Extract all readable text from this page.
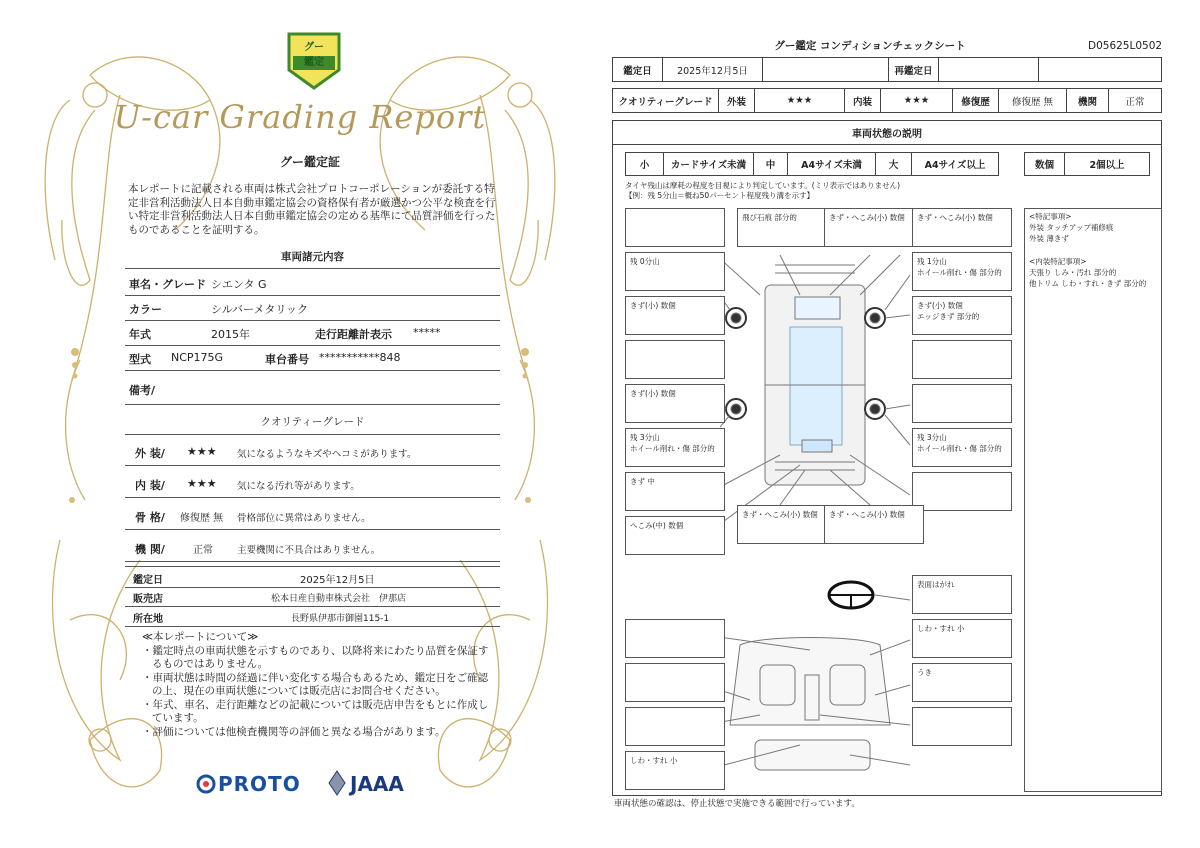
グー
鑑定
U-car Grading Report
グー鑑定証
本レポートに記載される車両は株式会社プロトコーポレーションが委託する特定非営利活動法人日本自動車鑑定協会の資格保有者が厳選かつ公平な検査を行い特定非営利活動法人日本自動車鑑定協会の定める基準にて品質評価を行ったものであることを証明する。
車両諸元内容
車名・グレード シエンタ G
カラー	シルバーメタリック
年式	2015年	走行距離計表示 *****
型式 NCP175G	車台番号 ***********848
備考/
クオリティーグレード
外 装/ ★★★ 気になるようなキズやヘコミがあります。
内 装/ ★★★ 気になる汚れ等があります。
骨 格/ 修復歴 無 骨格部位に異常はありません。
機 関/	正常	主要機関に不具合はありません。
鑑定日	2025年12月5日
販売店	松本日産自動車株式会社　伊那店
所在地	長野県伊那市御園115-1
≪本レポートについて≫
・鑑定時点の車両状態を示すものであり、以降将来にわたり品質を保証するものではありません。
・車両状態は時間の経過に伴い変化する場合もあるため、鑑定日をご確認の上、現在の車両状態については販売店にお問合せください。
・年式、車名、走行距離などの記載については販売店申告をもとに作成しています。
・評価については他検査機関等の評価と異なる場合があります。
PROTO JAAA
グー鑑定 コンディションチェックシート	D05625L0502
鑑定日	2025年12月5日	再鑑定日
クオリティーグレード	外装	★★★	内装	★★★	修復歴	修復歴 無	機関	正常
車両状態の説明
小	カードサイズ未満	中	A4サイズ未満	大	A4サイズ以上	数個	2個以上
タイヤ残山は摩耗の程度を目視により判定しています。(ミリ表示ではありません)
【例：残 5分山＝概ね50パーセント程度残り溝を示す】
残 0分山
きず(小) 数個
きず(小) 数個
残 3分山
ホイール削れ・傷 部分的
きず 中
へこみ(中) 数個
飛び石痕 部分的	きず・へこみ(小) 数個	きず・へこみ(小) 数個
残 1分山
ホイール削れ・傷 部分的
きず(小) 数個
エッジきず 部分的
残 3分山
ホイール削れ・傷 部分的
きず・へこみ(小) 数個	きず・へこみ(小) 数個
表面はがれ
しわ・すれ 小
しわ・すれ 小
うき
<特記事項>
外装 タッチアップ補修痕
外装 薄きず
<内装特記事項>
天張り しみ・汚れ 部分的
他トリム しわ・すれ・きず 部分的
車両状態の確認は、停止状態で実施できる範囲で行っています。
